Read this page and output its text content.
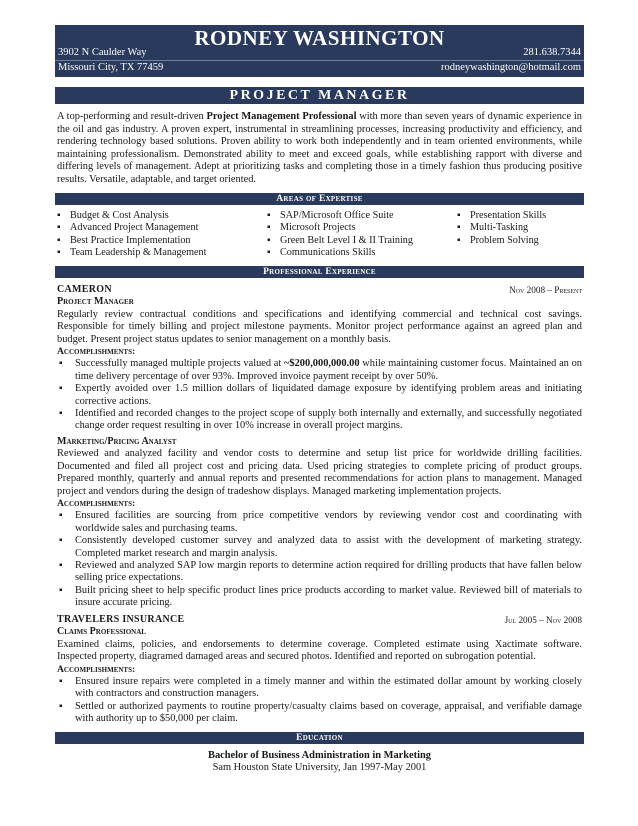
RODNEY WASHINGTON
3902 N Caulder Way	281.638.7344
Missouri City, TX 77459	rodneywashington@hotmail.com
PROJECT MANAGER
A top-performing and result-driven Project Management Professional with more than seven years of dynamic experience in the oil and gas industry. A proven expert, instrumental in streamlining processes, increasing productivity and efficiency, and rendering technology based solutions. Proven ability to work both independently and in team oriented environments, while maintaining professionalism. Demonstrated ability to meet and exceed goals, while establishing rapport with diverse and differing levels of management. Adept at prioritizing tasks and completing those in a timely fashion thus producing positive results. Versatile, adaptable, and target oriented.
Areas of Expertise
▪ Budget & Cost Analysis
▪ Advanced Project Management
▪ Best Practice Implementation
▪ Team Leadership & Management
▪ SAP/Microsoft Office Suite
▪ Microsoft Projects
▪ Green Belt Level I & II Training
▪ Communications Skills
▪ Presentation Skills
▪ Multi-Tasking
▪ Problem Solving
Professional Experience
CAMERON	Nov 2008 – Present
Project Manager
Regularly review contractual conditions and specifications and identifying commercial and technical cost savings. Responsible for timely billing and project milestone payments. Monitor project performance against an agreed plan and budget. Present project status updates to senior management on a monthly basis.
Accomplishments:
▪ Successfully managed multiple projects valued at ~$200,000,000.00 while maintaining customer focus. Maintained an on time delivery percentage of over 93%. Improved invoice payment receipt by over 50%.
▪ Expertly avoided over 1.5 million dollars of liquidated damage exposure by identifying problem areas and initiating corrective actions.
▪ Identified and recorded changes to the project scope of supply both internally and externally, and successfully negotiated change order request resulting in over 10% increase in overall project margins.
Marketing/Pricing Analyst
Reviewed and analyzed facility and vendor costs to determine and setup list price for worldwide drilling facilities. Documented and filed all project cost and pricing data. Used pricing strategies to complete pricing of product groups. Prepared monthly, quarterly and annual reports and presented recommendations for action plans to management. Managed project and vendors during the design of tradeshow displays. Managed marketing implementation projects.
Accomplishments:
▪ Ensured facilities are sourcing from price competitive vendors by reviewing vendor cost and coordinating with worldwide sales and purchasing teams.
▪ Consistently developed customer survey and analyzed data to assist with the development of marketing strategy. Completed market research and margin analysis.
▪ Reviewed and analyzed SAP low margin reports to determine action required for drilling products that have fallen below selling price expectations.
▪ Built pricing sheet to help specific product lines price products according to market value. Reviewed bill of materials to insure accurate pricing.
TRAVELERS INSURANCE	Jul 2005 – Nov 2008
Claims Professional
Examined claims, policies, and endorsements to determine coverage. Completed estimate using Xactimate software. Inspected property, diagramed damaged areas and secured photos. Identified and reported on subrogation potential.
Accomplishments:
▪ Ensured insure repairs were completed in a timely manner and within the estimated dollar amount by working closely with contractors and construction managers.
▪ Settled or authorized payments to routine property/casualty claims based on coverage, appraisal, and verifiable damage with authority up to $50,000 per claim.
Education
Bachelor of Business Administration in Marketing
Sam Houston State University, Jan 1997-May 2001
